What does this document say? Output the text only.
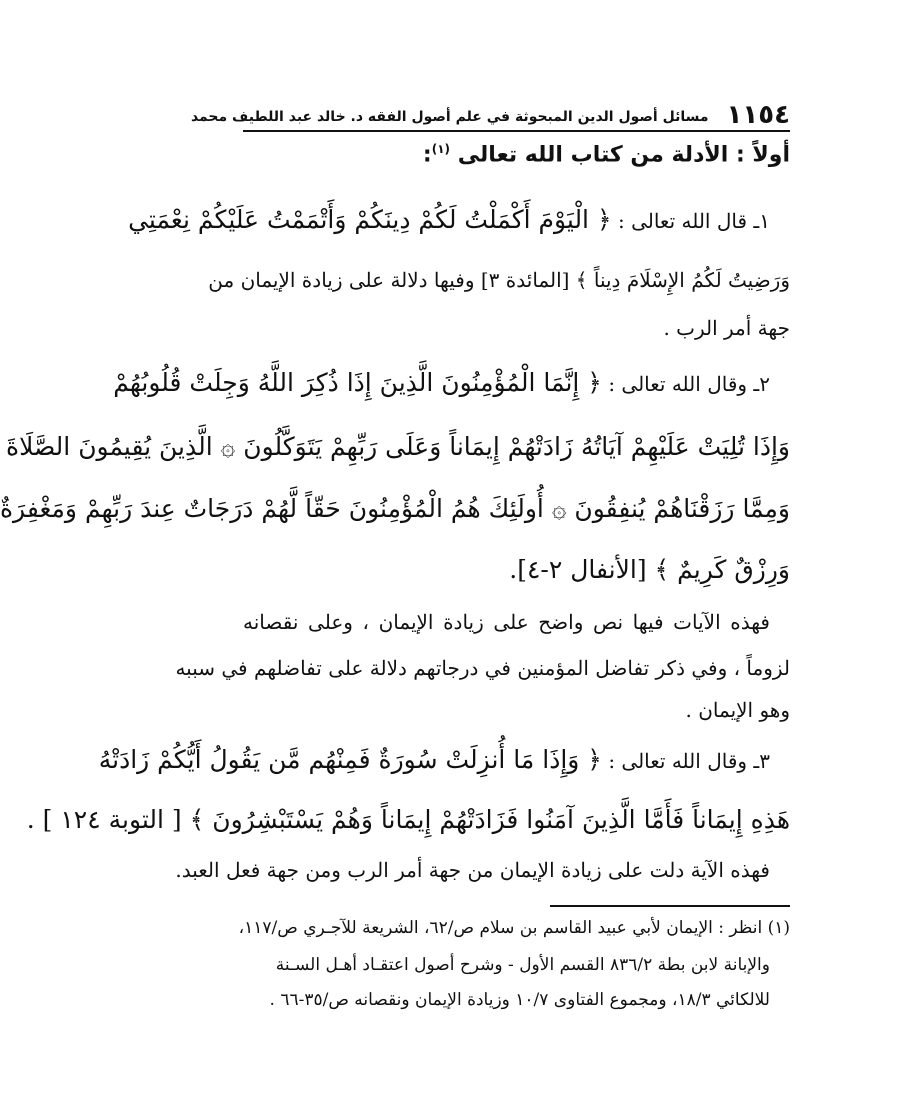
١١٥٤
مسائل أصول الدين المبحوثة في علم أصول الفقه د. خالد عبد اللطيف محمد
أولاً : الأدلة من كتاب الله تعالى $^{(١)}$:
١ـ قال الله تعالى : ﴿ الْيَوْمَ أَكْمَلْتُ لَكُمْ دِينَكُمْ وَأَتْمَمْتُ عَلَيْكُمْ نِعْمَتِي
وَرَضِيتُ لَكُمُ الإِسْلَامَ دِيناً ﴾ [المائدة ٣] وفيها دلالة على زيادة الإيمان من
جهة أمر الرب .
٢ـ وقال الله تعالى : ﴿ إِنَّمَا الْمُؤْمِنُونَ الَّذِينَ إِذَا ذُكِرَ اللَّهُ وَجِلَتْ قُلُوبُهُمْ
وَإِذَا تُلِيَتْ عَلَيْهِمْ آيَاتُهُ زَادَتْهُمْ إِيمَاناً وَعَلَى رَبِّهِمْ يَتَوَكَّلُونَ ۞ الَّذِينَ يُقِيمُونَ الصَّلَاةَ
وَمِمَّا رَزَقْنَاهُمْ يُنفِقُونَ ۞ أُولَئِكَ هُمُ الْمُؤْمِنُونَ حَقّاً لَّهُمْ دَرَجَاتٌ عِندَ رَبِّهِمْ وَمَغْفِرَةٌ
وَرِزْقٌ كَرِيمٌ ﴾ [الأنفال ٢-٤].
فهذه الآيات فيها نص واضح على زيادة الإيمان ، وعلى نقصانه
لزوماً ، وفي ذكر تفاضل المؤمنين في درجاتهم دلالة على تفاضلهم في سببه
وهو الإيمان .
٣ـ وقال الله تعالى : ﴿ وَإِذَا مَا أُنزِلَتْ سُورَةٌ فَمِنْهُم مَّن يَقُولُ أَيُّكُمْ زَادَتْهُ
هَذِهِ إِيمَاناً فَأَمَّا الَّذِينَ آمَنُوا فَزَادَتْهُمْ إِيمَاناً وَهُمْ يَسْتَبْشِرُونَ ﴾ [ التوبة ١٢٤ ] .
فهذه الآية دلت على زيادة الإيمان من جهة أمر الرب ومن جهة فعل العبد.
(١) انظر : الإيمان لأبي عبيد القاسم بن سلام ص/٦٢، الشريعة للآجـري ص/١١٧،
والإبانة لابن بطة ٨٣٦/٢ القسم الأول - وشرح أصول اعتقـاد أهـل السـنة
للالكائي ١٨/٣، ومجموع الفتاوى ١٠/٧ وزيادة الإيمان ونقصانه ص/٣٥-٦٦ .
